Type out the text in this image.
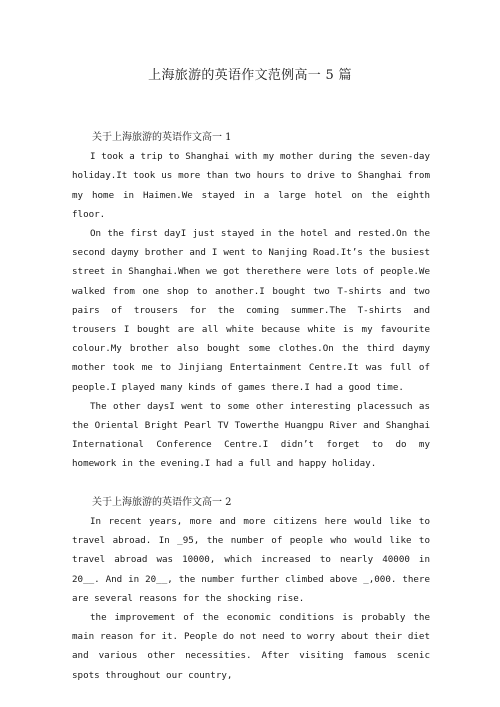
上海旅游的英语作文范例高一 5 篇

关于上海旅游的英语作文高一 1

I took a trip to Shanghai with my mother during the seven-day holiday.It took us more than two hours to drive to Shanghai from my home in Haimen.We stayed in a large hotel on the eighth floor.

On the first dayI just stayed in the hotel and rested.On the second daymy brother and I went to Nanjing Road.It’s the busiest street in Shanghai.When we got therethere were lots of people.We walked from one shop to another.I bought two T-shirts and two pairs of trousers for the coming summer.The T-shirts and trousers I bought are all white because white is my favourite colour.My brother also bought some clothes.On the third daymy mother took me to Jinjiang Entertainment Centre.It was full of people.I played many kinds of games there.I had a good time.

The other daysI went to some other interesting placessuch as the Oriental Bright Pearl TV Towerthe Huangpu River and Shanghai International Conference Centre.I didn’t forget to do my homework in the evening.I had a full and happy holiday.

关于上海旅游的英语作文高一 2

In recent years, more and more citizens here would like to travel abroad. In _95, the number of people who would like to travel abroad was 10000, which increased to nearly 40000 in 20__. And in 20__, the number further climbed above _,000. there are several reasons for the shocking rise.

the improvement of the economic conditions is probably the main reason for it. People do not need to worry about their diet and various other necessities. After visiting famous scenic spots throughout our country,
